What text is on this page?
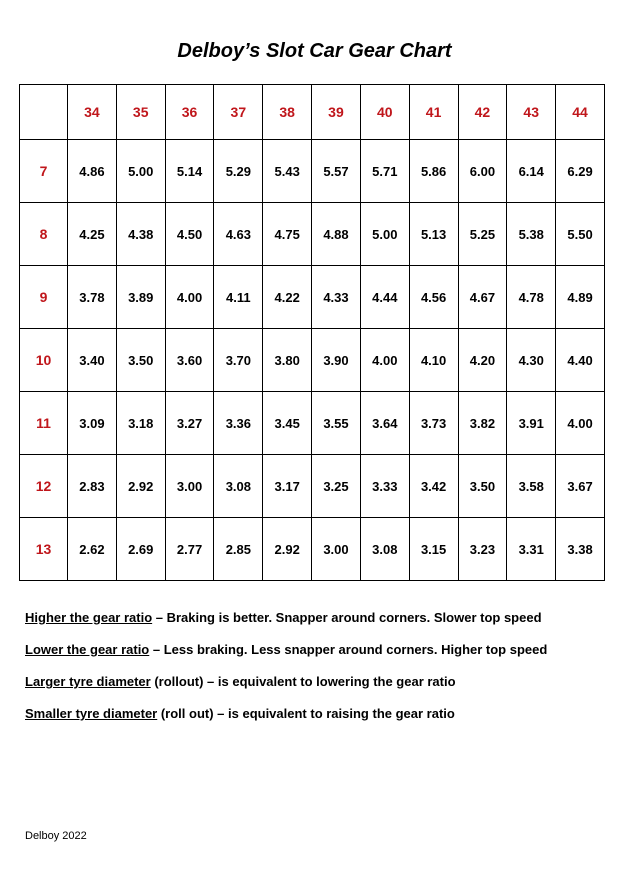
Delboy’s Slot Car Gear Chart
	34	35	36	37	38	39	40	41	42	43	44
7	4.86	5.00	5.14	5.29	5.43	5.57	5.71	5.86	6.00	6.14	6.29
8	4.25	4.38	4.50	4.63	4.75	4.88	5.00	5.13	5.25	5.38	5.50
9	3.78	3.89	4.00	4.11	4.22	4.33	4.44	4.56	4.67	4.78	4.89
10	3.40	3.50	3.60	3.70	3.80	3.90	4.00	4.10	4.20	4.30	4.40
11	3.09	3.18	3.27	3.36	3.45	3.55	3.64	3.73	3.82	3.91	4.00
12	2.83	2.92	3.00	3.08	3.17	3.25	3.33	3.42	3.50	3.58	3.67
13	2.62	2.69	2.77	2.85	2.92	3.00	3.08	3.15	3.23	3.31	3.38
Higher the gear ratio – Braking is better. Snapper around corners. Slower top speed
Lower the gear ratio – Less braking. Less snapper around corners. Higher top speed
Larger tyre diameter (rollout) – is equivalent to lowering the gear ratio
Smaller tyre diameter (roll out) – is equivalent to raising the gear ratio
Delboy 2022
